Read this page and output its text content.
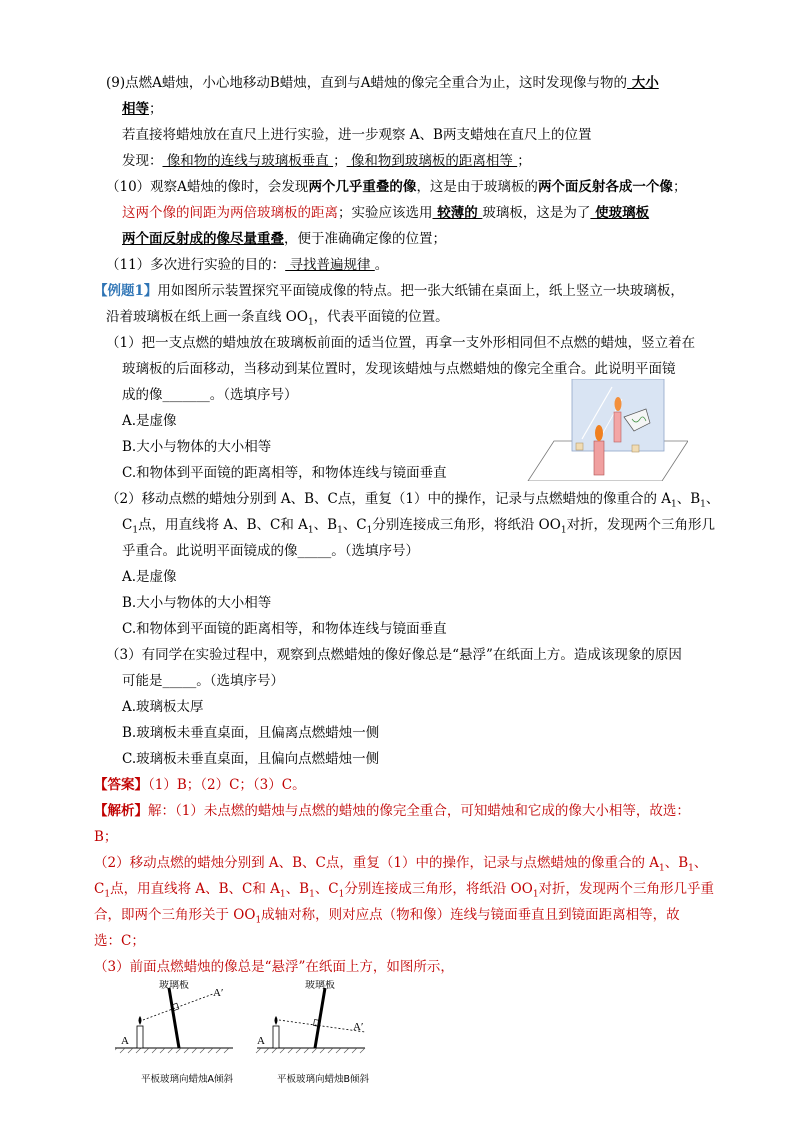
(9)点燃A蜡烛，小心地移动B蜡烛，直到与A蜡烛的像完全重合为止，这时发现像与物的 大小
相等；
若直接将蜡烛放在直尺上进行实验，进一步观察 A、B两支蜡烛在直尺上的位置
发现： 像和物的连线与玻璃板垂直 ； 像和物到玻璃板的距离相等 ；
（10）观察A蜡烛的像时，会发现两个几乎重叠的像，这是由于玻璃板的两个面反射各成一个像；
这两个像的间距为两倍玻璃板的距离；实验应该选用 较薄的 玻璃板，这是为了 使玻璃板
两个面反射成的像尽量重叠，便于准确确定像的位置；
（11）多次进行实验的目的： 寻找普遍规律 。
【例题1】用如图所示装置探究平面镜成像的特点。把一张大纸铺在桌面上，纸上竖立一块玻璃板，
沿着玻璃板在纸上画一条直线 $OO_1$，代表平面镜的位置。
（1）把一支点燃的蜡烛放在玻璃板前面的适当位置，再拿一支外形相同但不点燃的蜡烛，竖立着在
玻璃板的后面移动，当移动到某位置时，发现该蜡烛与点燃蜡烛的像完全重合。此说明平面镜
成的像_______。（选填序号）
A.是虚像
B.大小与物体的大小相等
C.和物体到平面镜的距离相等，和物体连线与镜面垂直
（2）移动点燃的蜡烛分别到 A、B、C点，重复（1）中的操作，记录与点燃蜡烛的像重合的 $A_1$、$B_1$、
$C_1$点，用直线将 A、B、C和 $A_1$、$B_1$、$C_1$分别连接成三角形，将纸沿 $OO_1$对折，发现两个三角形几
乎重合。此说明平面镜成的像_____。（选填序号）
A.是虚像
B.大小与物体的大小相等
C.和物体到平面镜的距离相等，和物体连线与镜面垂直
（3）有同学在实验过程中，观察到点燃蜡烛的像好像总是“悬浮”在纸面上方。造成该现象的原因
可能是_____。（选填序号）
A.玻璃板太厚
B.玻璃板未垂直桌面，且偏离点燃蜡烛一侧
C.玻璃板未垂直桌面，且偏向点燃蜡烛一侧
【答案】（1）B；（2）C；（3）C。
【解析】解：（1）未点燃的蜡烛与点燃的蜡烛的像完全重合，可知蜡烛和它成的像大小相等，故选：
B；
（2）移动点燃的蜡烛分别到 A、B、C点，重复（1）中的操作，记录与点燃蜡烛的像重合的 $A_1$、$B_1$、
$C_1$点，用直线将 A、B、C和 $A_1$、$B_1$、$C_1$分别连接成三角形，将纸沿 $OO_1$对折，发现两个三角形几乎重
合，即两个三角形关于 $OO_1$成轴对称，则对应点（物和像）连线与镜面垂直且到镜面距离相等，故
选：C；
（3）前面点燃蜡烛的像总是“悬浮”在纸面上方，如图所示，
玻璃板
A′
A
平板玻璃向蜡烛A倾斜
玻璃板
A′
A
平板玻璃向蜡烛B倾斜
